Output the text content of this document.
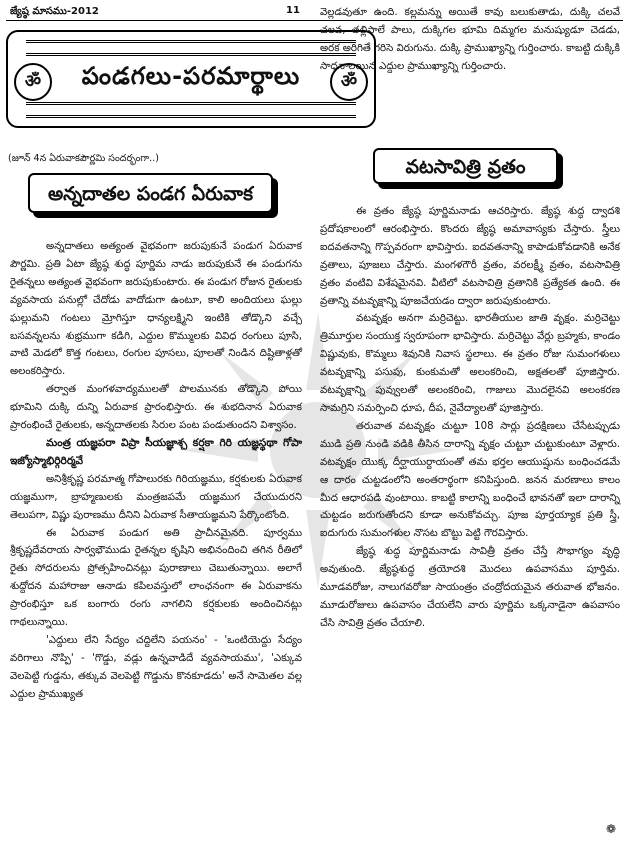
జ్యేష్ఠ మాసము-2012	11
ॐ	పండగలు-పరమార్థాలు	ॐ
(జూన్ 4న ఏరువాకపౌర్ణమి సందర్భంగా..)
అన్నదాతల పండగ ఏరువాక

అన్నదాతలు అత్యంత వైభవంగా జరుపుకునే పండుగ ఏరువాక పౌర్ణమి. ప్రతి ఏటా జ్యేష్ఠ శుద్ధ పూర్ణిమ నాడు జరుపుకునే ఈ పండుగను రైతన్నలు అత్యంత వైభవంగా జరుపుకుంటారు. ఈ పండుగ రోజున రైతులకు వ్యవసాయ పనుల్లో చేదోడు వాదోడుగా ఉంటూ, కాలి అందియలు ఘల్లు ఘల్లుమని గంటలు మ్రోగిస్తూ ధాన్యలక్ష్మిని ఇంటికి తోడ్కొని వచ్చే బసవన్నలను శుభ్రముగా కడిగి, ఎద్దుల కొమ్ములకు వివిధ రంగులు పూసి, వాటి మెడలో కొత్త గంటలు, రంగుల పూసలు, పూలతో నిండిన దిష్టితాళ్లతో అలంకరిస్తారు.

తర్వాత మంగళవాద్యములతో పొలమునకు తోడ్కొని పోయి భూమిని దుక్కి దున్ని ఏరువాక ప్రారంభిస్తారు. ఈ శుభదినాన ఏరువాక ప్రారంభించే రైతులకు, అన్నదాతలకు సిరుల పంట పండుతుందని విశ్వాసం.

మంత్ర యజ్ఞపరా విప్రా సీయజ్ఞాశ్చ కర్షకా గిరి యజ్ఞస్థథా గోపా ఇజ్యోస్మాభిర్గిరిర్మవే

అనిశ్రీకృష్ణ పరమాత్మ గోపాలురకు గిరియజ్ఞము, కర్షకులకు ఏరువాక యజ్ఞముగా, బ్రాహ్మణులకు మంత్రజపమే యజ్ఞముగ చేయుదురని తెలుపగా, విష్ణు పురాణము దీనిని ఏరువాక సీతాయజ్ఞమని పేర్కొంటోంది.

ఈ ఏరువాక పండుగ అతి ప్రాచీనమైనది. పూర్వము శ్రీకృష్ణదేవరాయ సార్వభౌముడు రైతన్నల కృషిని అభినందించి తగిన రీతిలో రైతు సోదరులను ప్రోత్సహించినట్లు పురాణాలు చెబుతున్నాయి. అలాగే శుద్దోదన మహారాజు ఆనాడు కపిలవస్తులో లాంఛనంగా ఈ ఏరువాకను ప్రారంభిస్తూ ఒక బంగారు రంగు నాగలిని కర్షకులకు అందించినట్లు గాథలున్నాయి.

'ఎద్దులు లేని సేద్యం చద్దిలేని పయనం' - 'ఒంటియెద్దు సేద్యం వరిగాలు నొప్పి' - 'గొడ్డు, వడ్లు ఉన్నవాడిదే వ్యవసాయము', 'ఎక్కువ వెలపెట్టి గుడ్డను, తక్కువ వెలపెట్టి గొడ్డును కొనకూడదు' అనే సామెతల వల్ల ఎద్దుల ప్రాముఖ్యత

వెల్లడవుతూ ఉంది. కల్లమన్ను అయితే కావు బలుకుతాడు, దుక్కి చలవే చలవ, తల్లిపాలే పాలు, దుక్కిగల భూమి దిమ్మగల మనుష్యుడూ చెడడు, అరక అరిగితే గరిసె విరుగును. దుక్కి ప్రాముఖ్యాన్ని గుర్తించారు. కాబట్టి దుక్కికి సాధనాలయిన ఎద్దుల ప్రాముఖ్యాన్ని గుర్తించారు.

వటసావిత్రి వ్రతం

ఈ వ్రతం జ్యేష్ఠ పూర్ణిమనాడు ఆచరిస్తారు. జ్యేష్ఠ శుద్ధ ద్వాదశి ప్రదోషకాలంలో ఆరంభిస్తారు. కొందరు జ్యేష్ఠ అమావాస్యకు చేస్తారు. స్త్రీలు ఐదవతనాన్ని గొప్పవరంగా భావిస్తారు. ఐదవతనాన్ని కాపాడుకోవడానికి అనేక వ్రతాలు, పూజలు చేస్తారు. మంగళగౌరీ వ్రతం, వరలక్ష్మీ వ్రతం, వటసావిత్రి వ్రతం వంటివి విశేషమైనవి. వీటిలో వటసావిత్రి వ్రతానికి ప్రత్యేకత ఉంది. ఈ వ్రతాన్ని వటవృక్షాన్ని పూజచేయడం ద్వారా జరుపుకుంటారు.

వటవృక్షం అనగా మర్రిచెట్టు. భారతీయుల జాతి వృక్షం. మర్రిచెట్టు త్రిమూర్తుల సంయుక్త స్వరూపంగా భావిస్తారు. మర్రిచెట్టు వేర్లు బ్రహ్మకు, కాండం విష్ణువుకు, కొమ్మలు శివునికి నివాస స్థలాలు. ఈ వ్రతం రోజు సుమంగళులు వటవృక్షాన్ని పసుపు, కుంకుమతో అలంకరించి, అక్షతలతో పూజిస్తారు. వటవృక్షాన్ని పువ్వులతో అలంకరించి, గాజులు మొదలైనవి అలంకరణ సామగ్రిని సమర్పించి ధూప, దీప, నైవేద్యాలతో పూజిస్తారు.

తరువాత వటవృక్షం చుట్టూ 108 సార్లు ప్రదక్షిణలు చేసేటప్పుడు ముడి ప్రతి నుండి వడికి తీసిన దారాన్ని వృక్షం చుట్టూ చుట్టుకుంటూ వెళ్లారు. వటవృక్షం యొక్క దీర్ఘాయుర్దాయంతో తమ భర్తల ఆయుష్షును బంధించడమే ఆ దారం చుట్టడంలోని అంతరార్థంగా కనిపిస్తుంది. జనన మరణాలు కాలం మీద ఆధారపడి వుంటాయి. కాబట్టి కాలాన్ని బంధించే భావనతో ఇలా దారాన్ని చుట్టడం జరుగుతోందని కూడా అనుకోవచ్చు. పూజ పూర్తయ్యాక ప్రతి స్త్రీ, ఐదుగురు సుమంగళుల నొసట బొట్టు పెట్టి గౌరవిస్తారు.

జ్యేష్ఠ శుద్ధ పూర్ణిమనాడు సావిత్రీ వ్రతం చేస్తే సౌభాగ్యం వృద్ధి అవుతుంది. జ్యేష్ఠశుద్ధ త్రయోదశి మొదలు ఉపవాసము పూర్తిమ. మూడవరోజు, నాలుగవరోజు సాయంత్రం చంద్రోదయమైన తరువాత భోజనం. మూడురోజులు ఉపవాసం చేయలేని వారు పూర్ణిమ ఒక్కనాడైనా ఉపవాసం చేసి సావిత్రి వ్రతం చేయాలి.

❁
